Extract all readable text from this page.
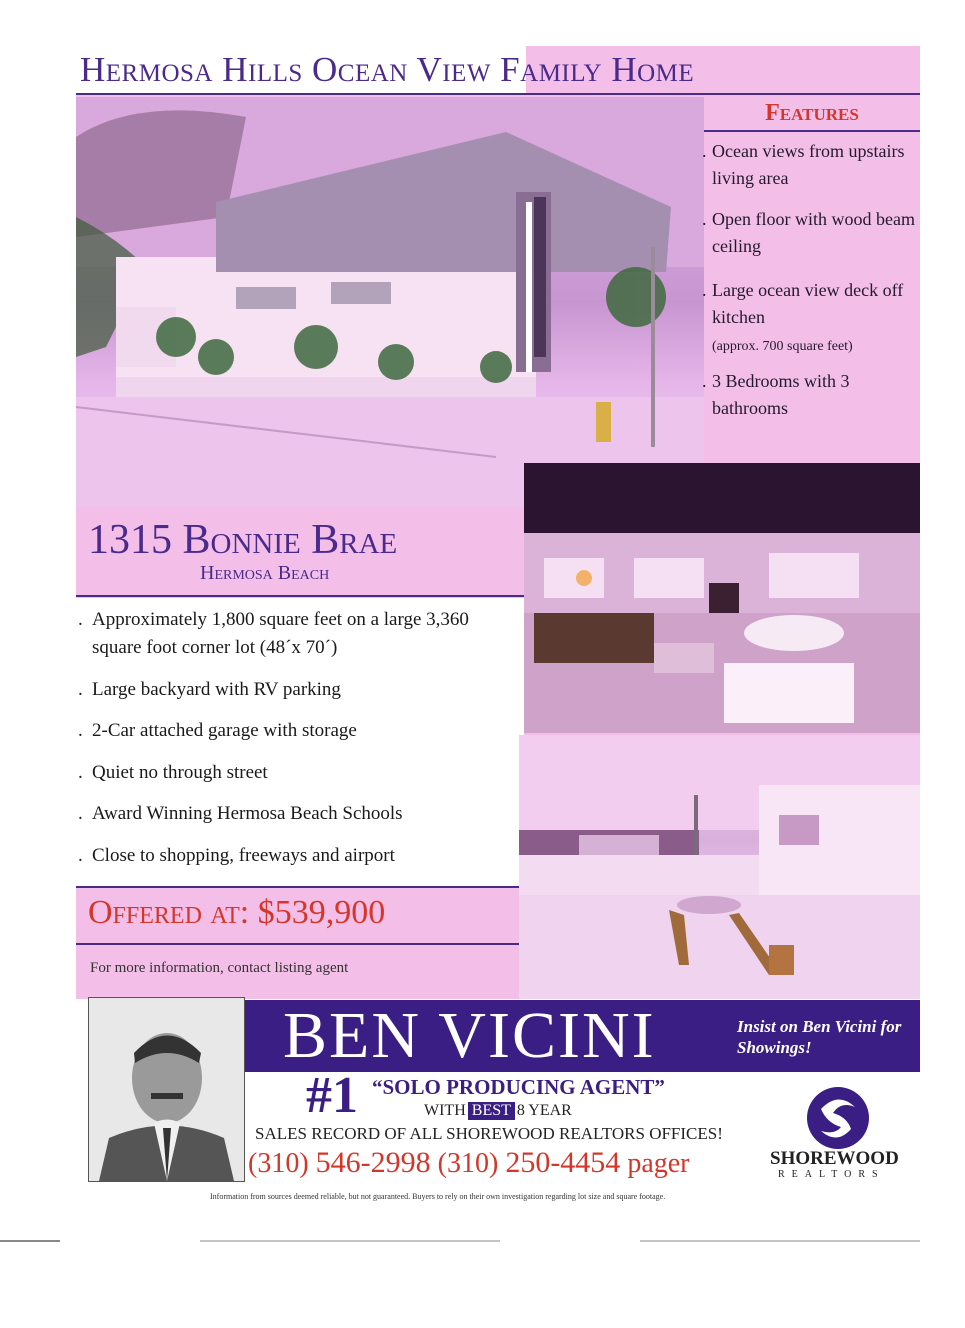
Hermosa Hills Ocean View Family Home
Features
. Ocean views from upstairs living area
. Open floor with wood beam ceiling
. Large ocean view deck off kitchen
(approx. 700 square feet)
. 3 Bedrooms with 3 bathrooms
1315 Bonnie Brae
Hermosa Beach
. Approximately 1,800 square feet on a large 3,360 square foot corner lot (48´x 70´)
. Large backyard with RV parking
. 2-Car attached garage with storage
. Quiet no through street
. Award Winning Hermosa Beach Schools
. Close to shopping, freeways and airport
Offered at: $539,900
For more information, contact listing agent
BEN VICINI	Insist on Ben Vicini for Showings!
#1 “SOLO PRODUCING AGENT”
WITH BEST 8 YEAR
SALES RECORD OF ALL SHOREWOOD REALTORS OFFICES!
(310) 546-2998 (310) 250-4454 pager	SHOREWOOD
REALTORS
Information from sources deemed reliable, but not guaranteed. Buyers to rely on their own investigation regarding lot size and square footage.
